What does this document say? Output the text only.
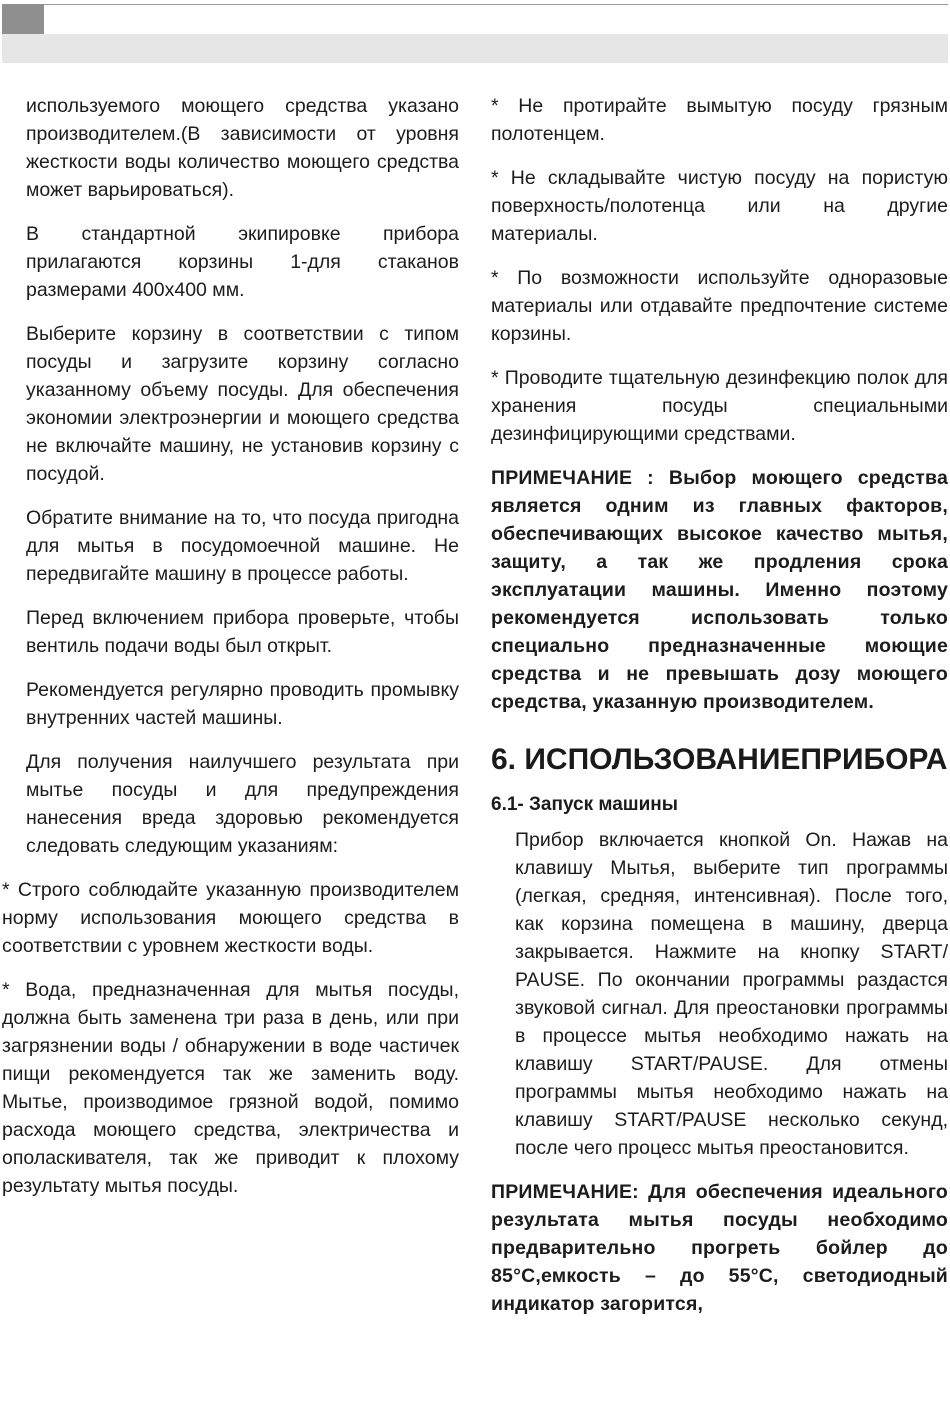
используемого моющего средства указано производителем.(В зависимости от уровня жесткости воды количество моющего средства может варьироваться).

В стандартной экипировке прибора прилагаются корзины 1-для стаканов размерами 400х400 мм.

Выберите корзину в соответствии с типом посуды и загрузите корзину согласно указанному объему посуды. Для обеспечения экономии электроэнергии и моющего средства не включайте машину, не установив корзину с посудой.

Обратите внимание на то, что посуда пригодна для мытья в посудомоечной машине. Не передвигайте машину в процессе работы.

Перед включением прибора проверьте, чтобы вентиль подачи воды был открыт.

Рекомендуется регулярно проводить промывку внутренних частей машины.

Для получения наилучшего результата при мытье посуды и для предупреждения нанесения вреда здоровью рекомендуется следовать следующим указаниям:

* Строго соблюдайте указанную производителем норму использования моющего средства в соответствии с уровнем жесткости воды.

* Вода, предназначенная для мытья посуды, должна быть заменена три раза в день, или при загрязнении воды / обнаружении в воде частичек пищи рекомендуется так же заменить воду. Мытье, производимое грязной водой, помимо расхода моющего средства, электричества и ополаскивателя, так же приводит к плохому результату мытья посуды.

* Не протирайте вымытую посуду грязным полотенцем.

* Не складывайте чистую посуду на пористую поверхность/полотенца или на другие материалы.

* По возможности используйте одноразовые материалы или отдавайте предпочтение системе корзины.

* Проводите тщательную дезинфекцию полок для хранения посуды специальными дезинфицирующими средствами.

ПРИМЕЧАНИЕ : Выбор моющего средства является одним из главных факторов, обеспечивающих высокое качество мытья, защиту, а так же продления срока эксплуатации машины. Именно поэтому рекомендуется использовать только специально предназначенные моющие средства и не превышать дозу моющего средства, указанную производителем.

6. ИСПОЛЬЗОВАНИЕПРИБОРА
6.1- Запуск машины

Прибор включается кнопкой On. Нажав на клавишу Мытья, выберите тип программы (легкая, средняя, интенсивная). После того, как корзина помещена в машину, дверца закрывается. Нажмите на кнопку START/ PAUSE. По окончании программы раздастся звуковой сигнал. Для преостановки программы в процессе мытья необходимо нажать на клавишу START/PAUSE. Для отмены программы мытья необходимо нажать на клавишу START/PAUSE несколько секунд, после чего процесс мытья преостановится.

ПРИМЕЧАНИЕ: Для обеспечения идеального результата мытья посуды необходимо предварительно прогреть бойлер до 85°C,емкость – до 55°C, светодиодный индикатор загорится,
